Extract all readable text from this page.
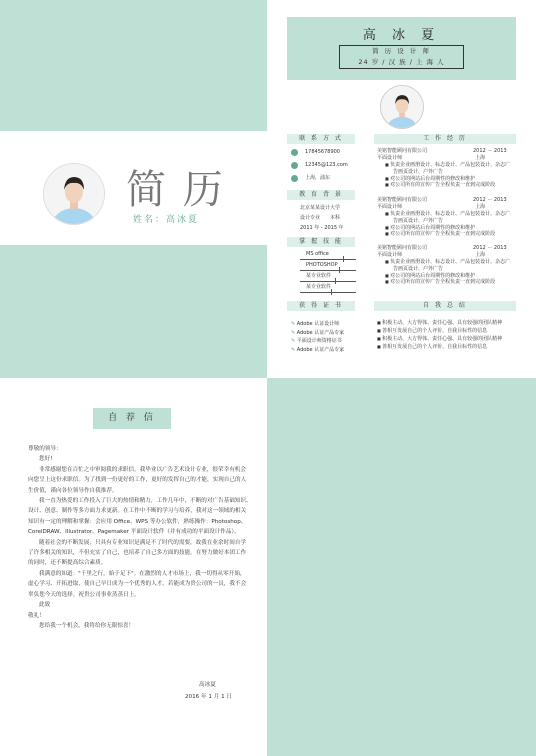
简 历
姓名：高冰夏
高 冰 夏
简 历 设 计 师
24 岁 / 汉 族 / 上 海 人
联 系 方 式
17845678900
12345@123.com
上海，浦东
教 育 背 景
北京某某设计大学
设计专业 本科
2011 年 - 2015 年
掌 握 技 能
MS office
PHOTOSHOP
某专业软件
某专业软件
获 得 证 书
✎ Adobe 认证设计师
✎ Adobe 认证产品专家
✎ 平面设计师资格证书
✎ Adobe 认证产品专家
工 作 经 历
美铭智能顾问有限公司	2012 － 2013
平面设计师	上海
■ 负责企业画册设计、标志设计、产品包装设计、杂志广
告画页设计、户外广告
■ 对公司的网站后台周期性的修改和维护
■ 对公司所有的宣传广告全程负责一直到完成阶段
美铭智能顾问有限公司	2012 － 2013
平面设计师	上海
■ 负责企业画册设计、标志设计、产品包装设计、杂志广
告画页设计、户外广告
■ 对公司的网站后台周期性的修改和维护
■ 对公司所有的宣传广告全程负责一直到完成阶段
美铭智能顾问有限公司	2012 － 2013
平面设计师	上海
■ 负责企业画册设计、标志设计、产品包装设计、杂志广
告画页设计、户外广告
■ 对公司的网站后台周期性的修改和维护
■ 对公司所有的宣传广告全程负责一直到完成阶段
自 我 总 结
■ 积极主动、大方得体、责任心强、具有较强的团队精神
■ 善相互发展自己的个人评价、自我目标性的信息
■ 积极主动、大方得体、责任心强、具有较强的团队精神
■ 善相互发展自己的个人评价、自我目标性的信息
自 荐 信
尊敬的领导：
您好!
非常感谢您在百忙之中审阅我的求职信。我毕业以广告艺术设计专业，很荣幸有机会
向您呈上这份求职信。为了找到一份更好的工作，更好的发挥自己的才能，实现自己的人
生价值，谨向各位领导作自我推荐。
我一直为热爱的工作投入了巨大的热情和精力，工作几年中，不断的对广告基础知识、
设计、创意、制作等多方面力求更新。在工作中不断的学习与培养，我对这一领域的相关
知识有一定的理解和掌握：会应用 Office、WPS 等办公软件，熟练操作：Photoshop、
CorelDRAW、Illustrator、Pagemaker 平面设计软件（并有成功的平面设计作品）。
随着社会的不断发展，只具有专业知识是满足不了时代的需要，故我在业余时间自学
了许多相关的知识，不但充实了自己，也培养了自己多方面的技能。在努力做好本团工作
的同时，还不断提高综合素质。
我满意的知道："千里之行，始于足下"。在激烈的人才市场上，我一切得从零开始，
虚心学习、开拓进取，使自己早日成为一个优秀的人才。若能成为贵公司的一员，我不会
辜负您今天的选择。祝贵公司事业蒸蒸日上。
此致
敬礼！
您给我一个机会，我将给你无限惊喜！
高冰夏
2016 年 1 月 1 日
